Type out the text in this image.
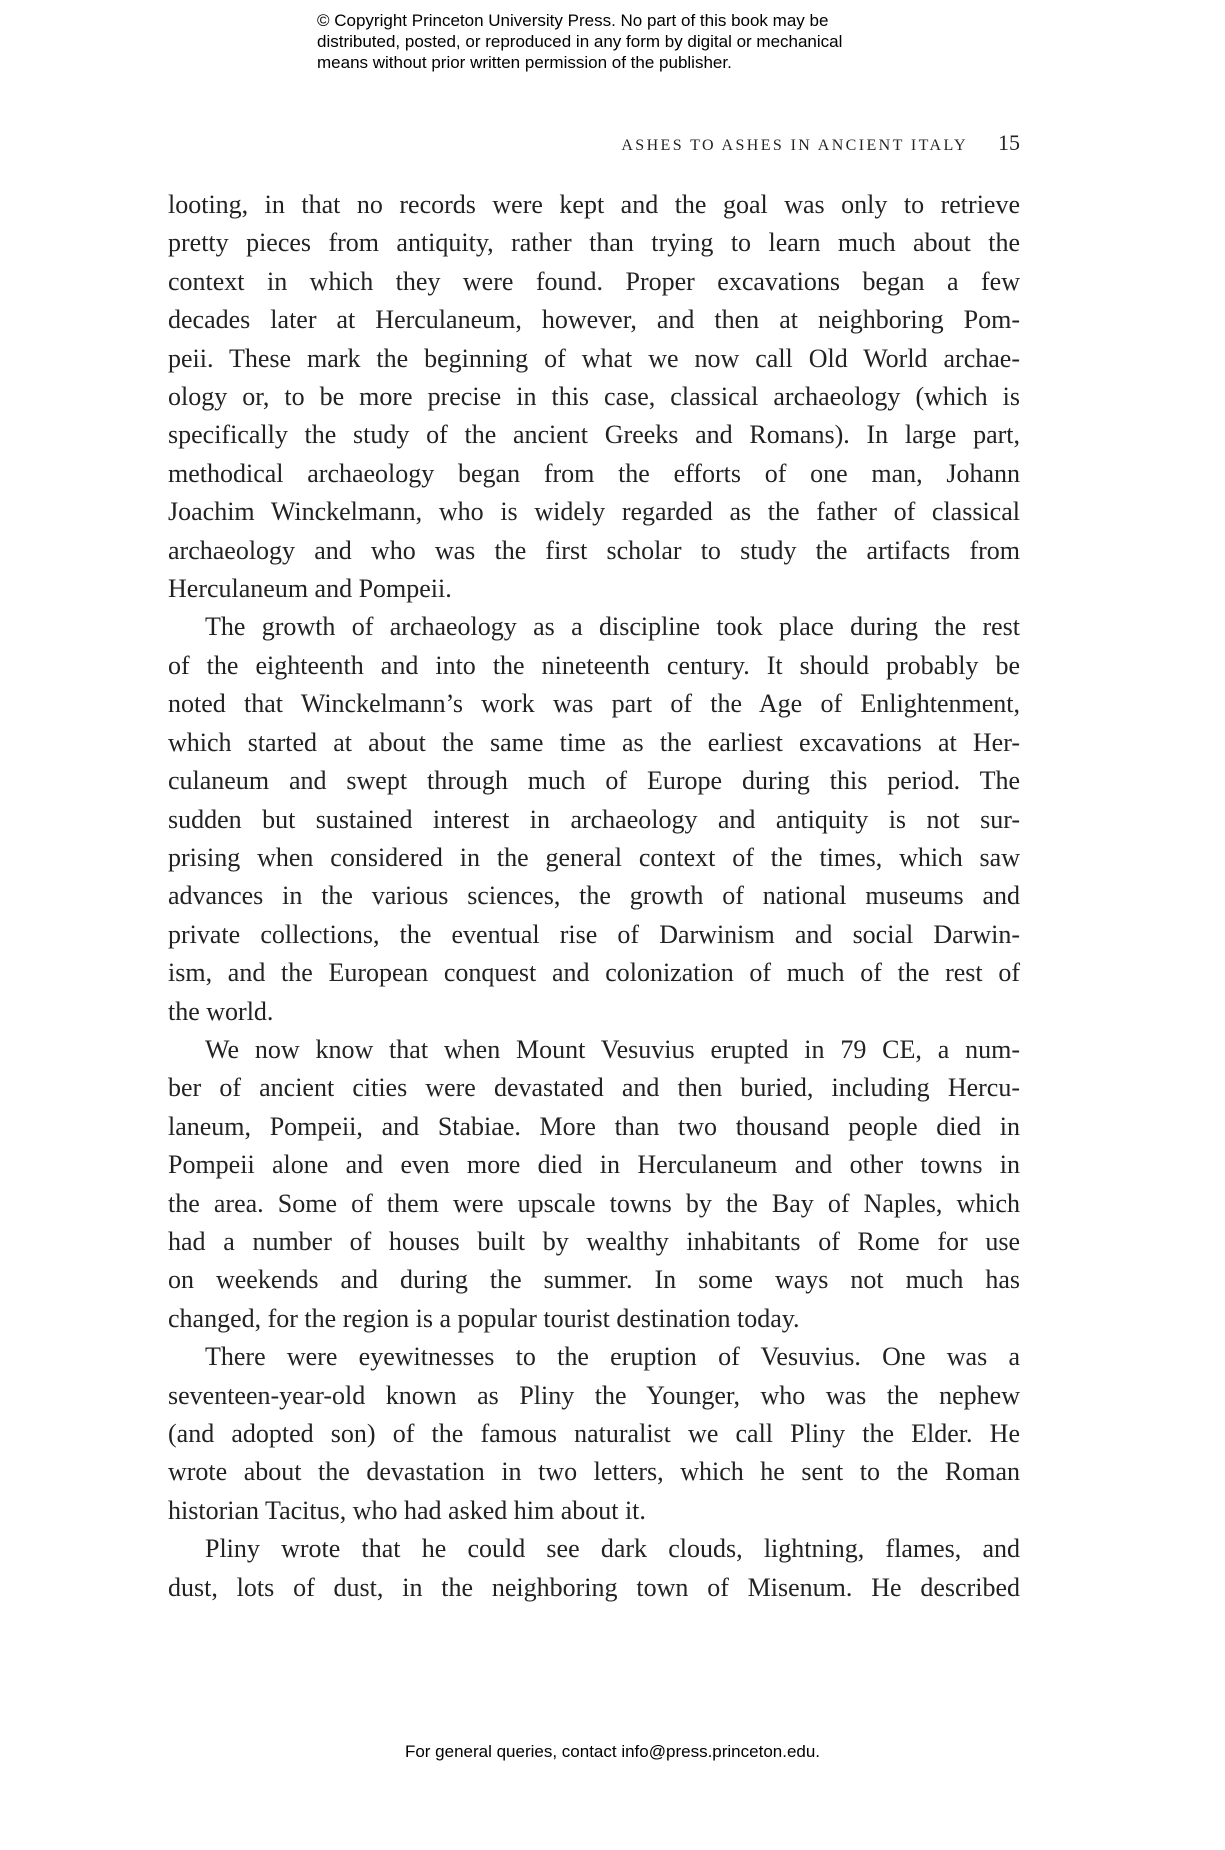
© Copyright Princeton University Press. No part of this book may be
distributed, posted, or reproduced in any form by digital or mechanical
means without prior written permission of the publisher.
ASHES TO ASHES IN ANCIENT ITALY 15
looting, in that no records were kept and the goal was only to retrieve
pretty pieces from antiquity, rather than trying to learn much about the
context in which they were found. Proper excavations began a few
decades later at Herculaneum, however, and then at neighboring Pom-
peii. These mark the beginning of what we now call Old World archae-
ology or, to be more precise in this case, classical archaeology (which is
specifically the study of the ancient Greeks and Romans). In large part,
methodical archaeology began from the efforts of one man, Johann
Joachim Winckelmann, who is widely regarded as the father of classical
archaeology and who was the first scholar to study the artifacts from
Herculaneum and Pompeii.
The growth of archaeology as a discipline took place during the rest
of the eighteenth and into the nineteenth century. It should probably be
noted that Winckelmann’s work was part of the Age of Enlightenment,
which started at about the same time as the earliest excavations at Her-
culaneum and swept through much of Europe during this period. The
sudden but sustained interest in archaeology and antiquity is not sur-
prising when considered in the general context of the times, which saw
advances in the various sciences, the growth of national museums and
private collections, the eventual rise of Darwinism and social Darwin-
ism, and the European conquest and colonization of much of the rest of
the world.
We now know that when Mount Vesuvius erupted in 79 CE, a num-
ber of ancient cities were devastated and then buried, including Hercu-
laneum, Pompeii, and Stabiae. More than two thousand people died in
Pompeii alone and even more died in Herculaneum and other towns in
the area. Some of them were upscale towns by the Bay of Naples, which
had a number of houses built by wealthy inhabitants of Rome for use
on weekends and during the summer. In some ways not much has
changed, for the region is a popular tourist destination today.
There were eyewitnesses to the eruption of Vesuvius. One was a
seventeen-year-old known as Pliny the Younger, who was the nephew
(and adopted son) of the famous naturalist we call Pliny the Elder. He
wrote about the devastation in two letters, which he sent to the Roman
historian Tacitus, who had asked him about it.
Pliny wrote that he could see dark clouds, lightning, flames, and
dust, lots of dust, in the neighboring town of Misenum. He described
For general queries, contact info@press.princeton.edu.
